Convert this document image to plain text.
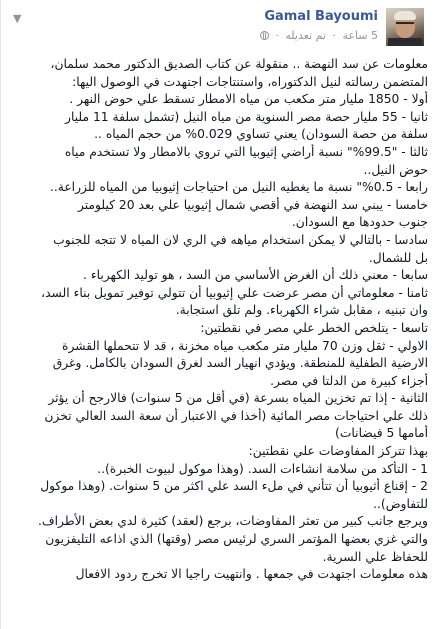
Gamal Bayoumi
5 ساعة · تم تعديله ·
▼

معلومات عن سد النهضة .. منقولة عن كتاب الصديق الدكتور محمد سلمان،

المتضمن رسالته لنيل الدكتوراه، واستنتاجات اجتهدت في الوصول اليها:

أولا - 1850 مليار متر مكعب من مياه الامطار تسقط علي حوض النهر .

ثانيا - 55 مليار حصة مصر السنوية من مياه النيل (تشمل سلفة 11 مليار

سلفة من حصة السودان) يعني تساوي 0.029% من حجم المياه ..

ثالثا - "99.5%" نسبة أراضي إثيوبيا التي تروي بالامطار ولا تستخدم مياه

حوض النيل..

رابعا - 0.5%" نسبة ما يغطيه النيل من احتياجات إثيوبيا من المياه للزراعة..

خامسا - يبني سد النهضة في أقصي شمال إثيوبيا علي بعد 20 كيلومتر

جنوب حدودها مع السودان.

سادسا - بالتالي لا يمكن استخدام مياهه في الري لان المياه لا تتجه للجنوب

بل للشمال.

سابعا - معني ذلك أن الغرض الأساسي من السد ، هو توليد الكهرباء .

ثامنا - معلوماتي أن مصر عرضت علي إثيوبيا أن تتولي توفير تمويل بناء السد،

وان تبنيه ، مقابل شراء الكهرباء. ولم تلق استجابة.

تاسعا - يتلخص الخطر علي مصر في نقطتين:

الاولي - ثقل وزن 70 مليار متر مكعب مياه مخزنة ، قد لا تتحملها القشرة

الارضية الطفلية للمنطقة. ويؤدي انهيار السد لغرق السودان بالكامل. وغرق

أجزاء كبيرة من الدلتا في مصر.

الثانية - إذا تم تخزين المياه بسرعة (في أقل من 5 سنوات) فالارجح أن يؤثر

ذلك علي احتياجات مصر المائية (أخذا في الاعتبار أن سعة السد العالي تخزن

أمامها 5 فيضانات)

بهذا تتركز المفاوضات علي نقطتين:

1 - التأكد من سلامة انشاءات السد. (وهذا موكول لبيوت الخبرة)..

2 - إقناع أثيوبيا أن تتأني في ملء السد علي اكثر من 5 سنوات. (وهذا موكول

للتفاوض)..

ويرجع جانب كبير من تعثر المفاوضات، برجع (لعقد) كثيرة لدي بعض الأطراف.

والتي غزي بعضها المؤتمر السري لرئيس مصر (وقتها) الذي اذاعه التليفزيون

للحفاظ علي السرية.

هذه معلومات اجتهدت في جمعها . وانتهيت راجيا الا تخرج ردود الافعال
